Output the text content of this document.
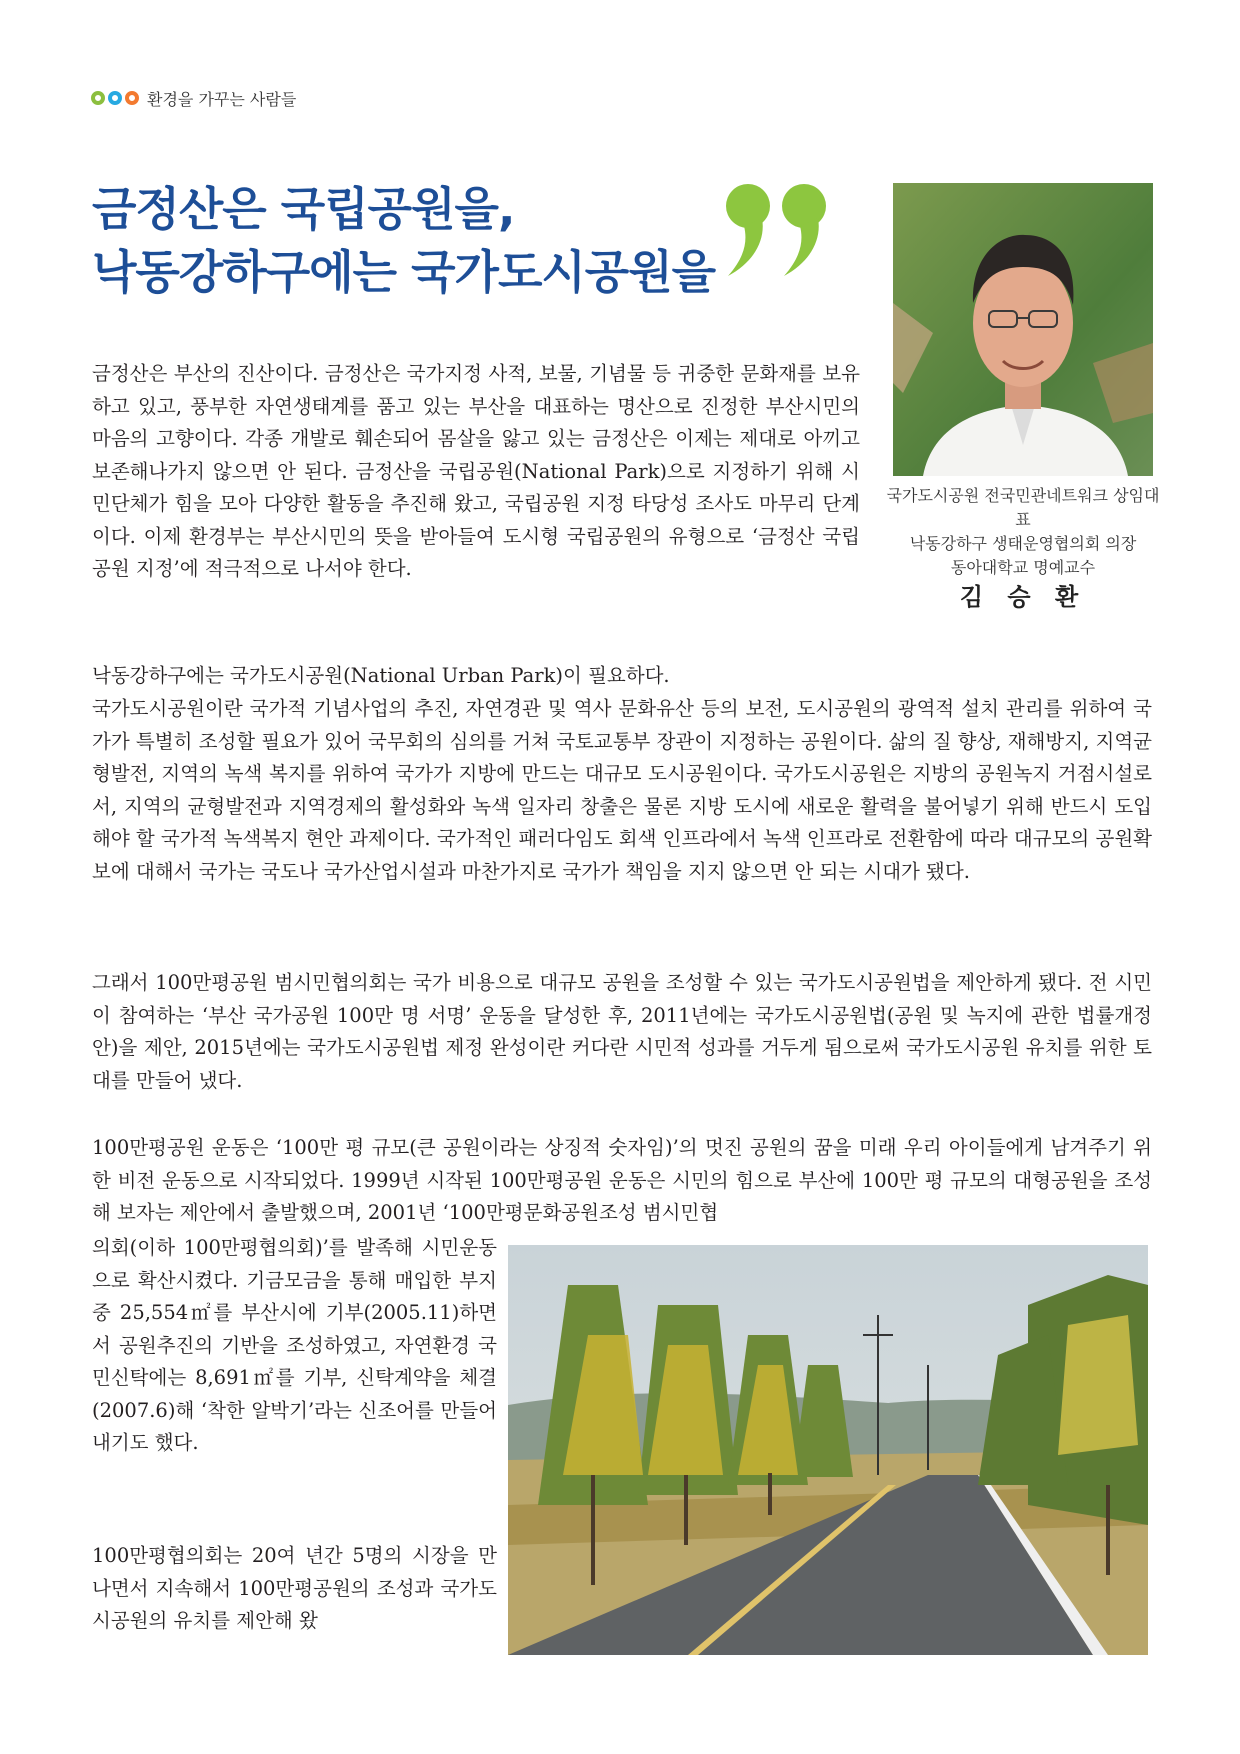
환경을 가꾸는 사람들
금정산은 국립공원을,
낙동강하구에는 국가도시공원을
국가도시공원 전국민관네트워크 상임대표
낙동강하구 생태운영협의회 의장
동아대학교 명예교수
김 승 환

금정산은 부산의 진산이다. 금정산은 국가지정 사적, 보물, 기념물 등 귀중한 문화재를 보유하고 있고, 풍부한 자연생태계를 품고 있는 부산을 대표하는 명산으로 진정한 부산시민의 마음의 고향이다. 각종 개발로 훼손되어 몸살을 앓고 있는 금정산은 이제는 제대로 아끼고 보존해나가지 않으면 안 된다. 금정산을 국립공원(National Park)으로 지정하기 위해 시민단체가 힘을 모아 다양한 활동을 추진해 왔고, 국립공원 지정 타당성 조사도 마무리 단계이다. 이제 환경부는 부산시민의 뜻을 받아들여 도시형 국립공원의 유형으로 ‘금정산 국립공원 지정’에 적극적으로 나서야 한다.

낙동강하구에는 국가도시공원(National Urban Park)이 필요하다.

국가도시공원이란 국가적 기념사업의 추진, 자연경관 및 역사 문화유산 등의 보전, 도시공원의 광역적 설치 관리를 위하여 국가가 특별히 조성할 필요가 있어 국무회의 심의를 거쳐 국토교통부 장관이 지정하는 공원이다. 삶의 질 향상, 재해방지, 지역균형발전, 지역의 녹색 복지를 위하여 국가가 지방에 만드는 대규모 도시공원이다. 국가도시공원은 지방의 공원녹지 거점시설로서, 지역의 균형발전과 지역경제의 활성화와 녹색 일자리 창출은 물론 지방 도시에 새로운 활력을 불어넣기 위해 반드시 도입해야 할 국가적 녹색복지 현안 과제이다. 국가적인 패러다임도 회색 인프라에서 녹색 인프라로 전환함에 따라 대규모의 공원확보에 대해서 국가는 국도나 국가산업시설과 마찬가지로 국가가 책임을 지지 않으면 안 되는 시대가 됐다.

그래서 100만평공원 범시민협의회는 국가 비용으로 대규모 공원을 조성할 수 있는 국가도시공원법을 제안하게 됐다. 전 시민이 참여하는 ‘부산 국가공원 100만 명 서명’ 운동을 달성한 후, 2011년에는 국가도시공원법(공원 및 녹지에 관한 법률개정안)을 제안, 2015년에는 국가도시공원법 제정 완성이란 커다란 시민적 성과를 거두게 됨으로써 국가도시공원 유치를 위한 토대를 만들어 냈다.

100만평공원 운동은 ‘100만 평 규모(큰 공원이라는 상징적 숫자임)’의 멋진 공원의 꿈을 미래 우리 아이들에게 남겨주기 위한 비전 운동으로 시작되었다. 1999년 시작된 100만평공원 운동은 시민의 힘으로 부산에 100만 평 규모의 대형공원을 조성해 보자는 제안에서 출발했으며, 2001년 ‘100만평문화공원조성 범시민협

의회(이하 100만평협의회)’를 발족해 시민운동으로 확산시켰다. 기금모금을 통해 매입한 부지 중 25,554㎡를 부산시에 기부(2005.11)하면서 공원추진의 기반을 조성하였고, 자연환경 국민신탁에는 8,691㎡를 기부, 신탁계약을 체결(2007.6)해 ‘착한 알박기’라는 신조어를 만들어 내기도 했다.

100만평협의회는 20여 년간 5명의 시장을 만나면서 지속해서 100만평공원의 조성과 국가도시공원의 유치를 제안해 왔
